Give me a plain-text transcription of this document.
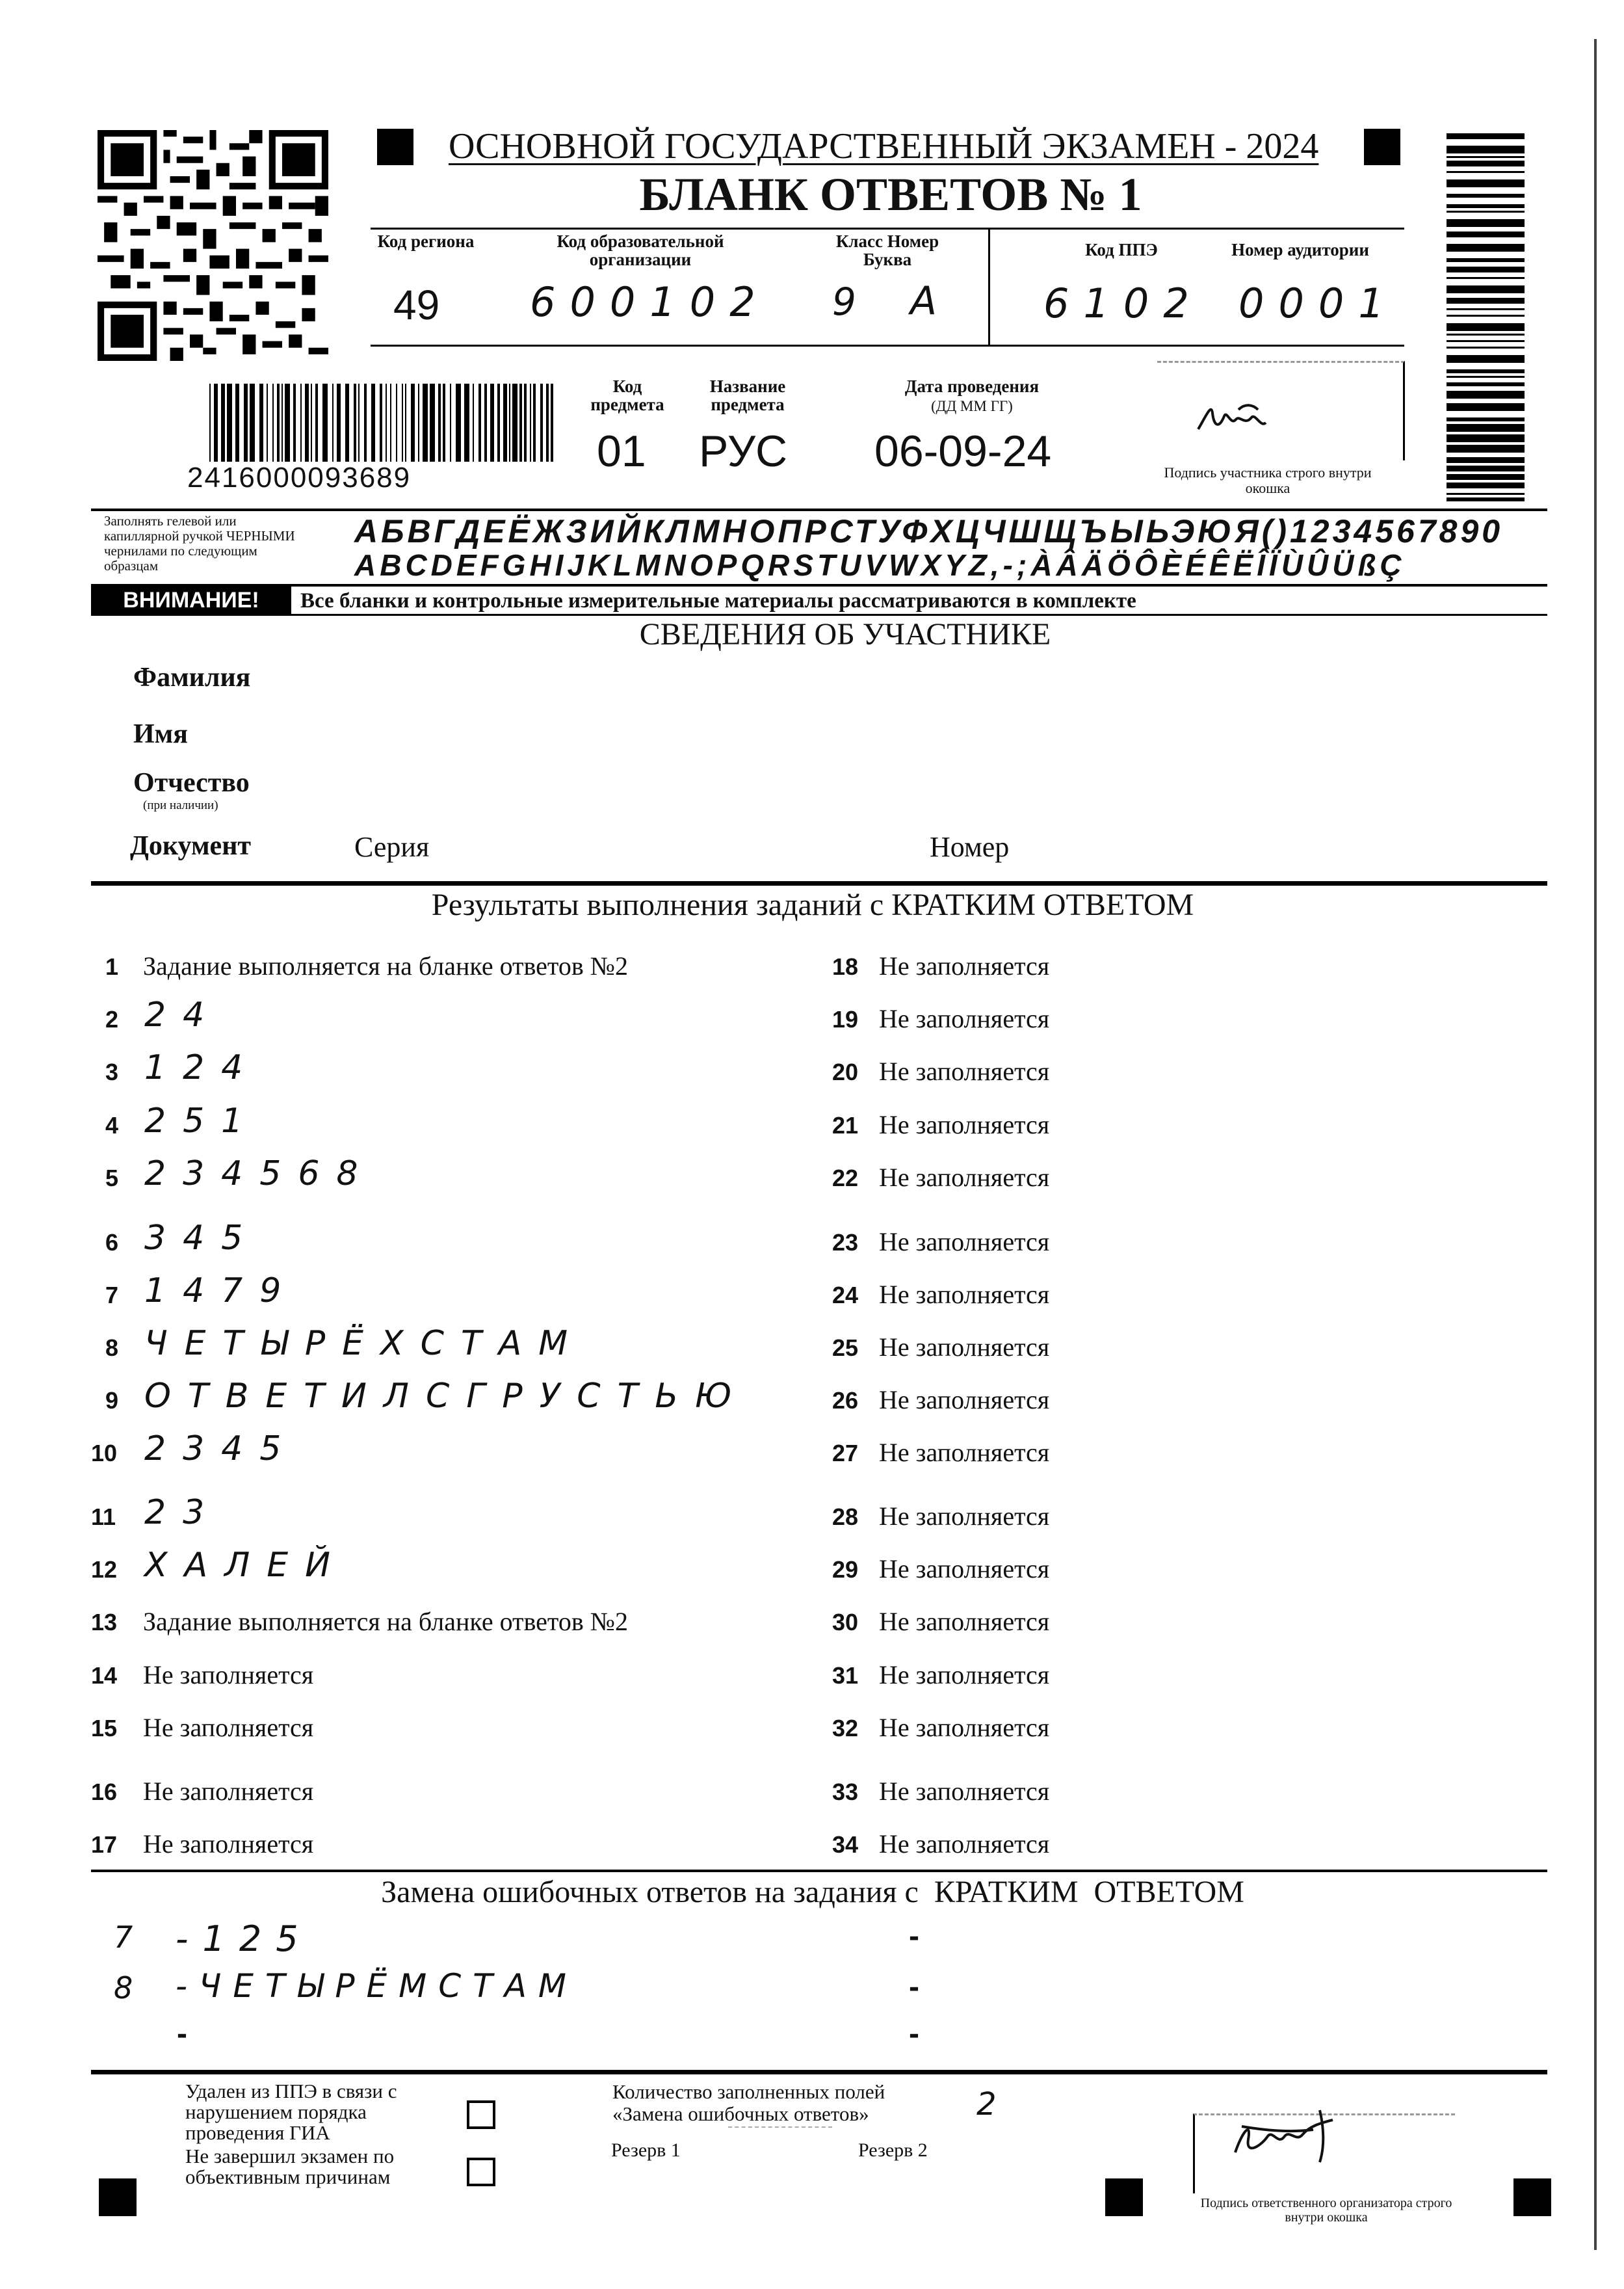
ОСНОВНОЙ ГОСУДАРСТВЕННЫЙ ЭКЗАМЕН - 2024
БЛАНК ОТВЕТОВ № 1
Код региона	Код образовательной организации
Класс Номер Буква	Код ППЭ	Номер аудитории
49 600102 9 А 6102 0001
2416000093689
Код предмета
Название предмета
Дата проведения
(ДД ММ ГГ)
01 РУС 06-09-24	Подпись участника строго внутри окошка
Заполнять гелевой или капиллярной ручкой ЧЕРНЫМИ чернилами по следующим образцам
АБВГДЕЁЖЗИЙКЛМНОПРСТУФХЦЧШЩЪЫЬЭЮЯ()1234567890
ABCDEFGHIJKLMNOPQRSTUVWXYZ,-;ÀÂÄÖÔÈÉÊËÎÏÙÛÜßÇ
ВНИМАНИЕ!	Все бланки и контрольные измерительные материалы рассматриваются в комплекте
СВЕДЕНИЯ ОБ УЧАСТНИКЕ
Фамилия
Имя
Отчество
(при наличии)
Документ	Серия	Номер
Результаты выполнения заданий с КРАТКИМ ОТВЕТОМ
1 Задание выполняется на бланке ответов №2
2 24
3 124
4 251
5 234568
6 345
7 1479
8 ЧЕТЫРЁХСТАМ
9 ОТВЕТИЛСГРУСТЬЮ
10 2345
11 23
12 ХАЛЕЙ
13 Задание выполняется на бланке ответов №2
14 Не заполняется
15 Не заполняется
16 Не заполняется
17 Не заполняется
18 Не заполняется
19 Не заполняется
20 Не заполняется
21 Не заполняется
22 Не заполняется
23 Не заполняется
24 Не заполняется
25 Не заполняется
26 Не заполняется
27 Не заполняется
28 Не заполняется
29 Не заполняется
30 Не заполняется
31 Не заполняется
32 Не заполняется
33 Не заполняется
34 Не заполняется
Замена ошибочных ответов на задания с  КРАТКИМ  ОТВЕТОМ
7 -125	-
8 -ЧЕТЫРЁМСТАМ	-
-	-
Удален из ППЭ в связи с нарушением порядка проведения ГИА
Не завершил экзамен по объективным причинам
Количество заполненных полей «Замена ошибочных ответов»	2
Резерв 1	Резерв 2
Подпись ответственного организатора строго внутри окошка
